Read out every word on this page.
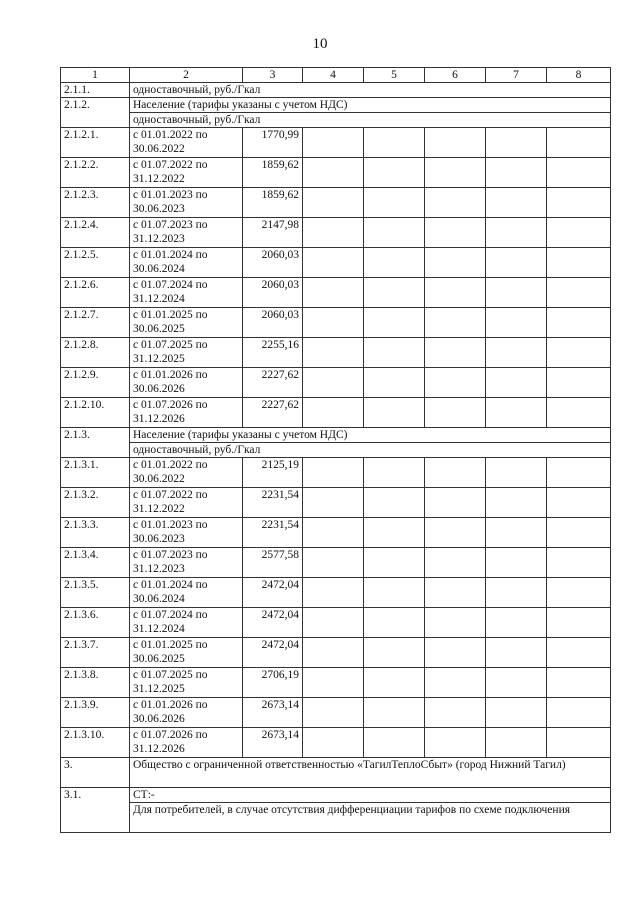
10
1	2	3	4	5	6	7	8
2.1.1.	одноставочный, руб./Гкал						
2.1.2.	Население (тарифы указаны с учетом НДС)						
	одноставочный, руб./Гкал						
2.1.2.1.	с 01.01.2022 по 30.06.2022	1770,99					
2.1.2.2.	с 01.07.2022 по 31.12.2022	1859,62					
2.1.2.3.	с 01.01.2023 по 30.06.2023	1859,62					
2.1.2.4.	с 01.07.2023 по 31.12.2023	2147,98					
2.1.2.5.	с 01.01.2024 по 30.06.2024	2060,03					
2.1.2.6.	с 01.07.2024 по 31.12.2024	2060,03					
2.1.2.7.	с 01.01.2025 по 30.06.2025	2060,03					
2.1.2.8.	с 01.07.2025 по 31.12.2025	2255,16					
2.1.2.9.	с 01.01.2026 по 30.06.2026	2227,62					
2.1.2.10.	с 01.07.2026 по 31.12.2026	2227,62					
2.1.3.	Население (тарифы указаны с учетом НДС)						
	одноставочный, руб./Гкал						
2.1.3.1.	с 01.01.2022 по 30.06.2022	2125,19					
2.1.3.2.	с 01.07.2022 по 31.12.2022	2231,54					
2.1.3.3.	с 01.01.2023 по 30.06.2023	2231,54					
2.1.3.4.	с 01.07.2023 по 31.12.2023	2577,58					
2.1.3.5.	с 01.01.2024 по 30.06.2024	2472,04					
2.1.3.6.	с 01.07.2024 по 31.12.2024	2472,04					
2.1.3.7.	с 01.01.2025 по 30.06.2025	2472,04					
2.1.3.8.	с 01.07.2025 по 31.12.2025	2706,19					
2.1.3.9.	с 01.01.2026 по 30.06.2026	2673,14					
2.1.3.10.	с 01.07.2026 по 31.12.2026	2673,14					
3.	Общество с ограниченной ответственностью «ТагилТеплоСбыт» (город Нижний Тагил)						
3.1.	СТ:-						
	Для потребителей, в случае отсутствия дифференциации тарифов по схеме подключения						
